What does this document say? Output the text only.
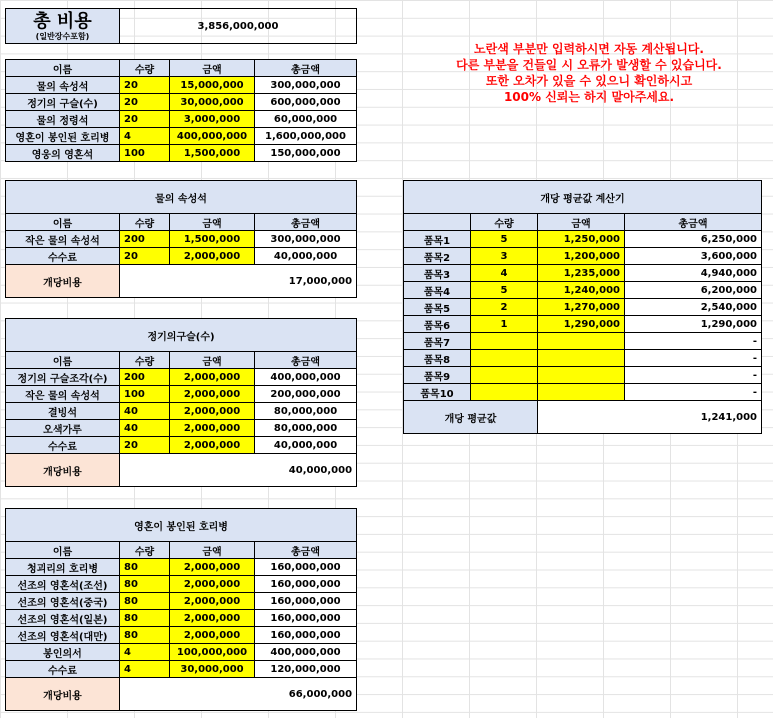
총 비용
(일반장수포함)
	3,856,000,000
노란색 부분만 입력하시면 자동 계산됩니다.
다른 부분을 건들일 시 오류가 발생할 수 있습니다.
또한 오차가 있을 수 있으니 확인하시고
100% 신뢰는 하지 말아주세요.
이름	수량	금액	총금액
물의 속성석	20	15,000,000	300,000,000
정기의 구슬(수)	20	30,000,000	600,000,000
물의 정령석	20	3,000,000	60,000,000
영혼이 봉인된 호리병	4	400,000,000	1,600,000,000
영웅의 영혼석	100	1,500,000	150,000,000
물의 속성석			
이름	수량	금액	총금액
작은 물의 속성석	200	1,500,000	300,000,000
수수료	20	2,000,000	40,000,000
개당비용	17,000,000		
정기의구슬(수)			
이름	수량	금액	총금액
정기의 구슬조각(수)	200	2,000,000	400,000,000
작은 물의 속성석	100	2,000,000	200,000,000
결빙석	40	2,000,000	80,000,000
오색가루	40	2,000,000	80,000,000
수수료	20	2,000,000	40,000,000
개당비용	40,000,000		
영혼이 봉인된 호리병			
이름	수량	금액	총금액
청괴리의 호리병	80	2,000,000	160,000,000
선조의 영혼석(조선)	80	2,000,000	160,000,000
선조의 영혼석(중국)	80	2,000,000	160,000,000
선조의 영혼석(일본)	80	2,000,000	160,000,000
선조의 영혼석(대만)	80	2,000,000	160,000,000
봉인의서	4	100,000,000	400,000,000
수수료	4	30,000,000	120,000,000
개당비용	66,000,000		
개당 평균값 계산기			
	수량	금액	총금액
품목1	5	1,250,000	6,250,000
품목2	3	1,200,000	3,600,000
품목3	4	1,235,000	4,940,000
품목4	5	1,240,000	6,200,000
품목5	2	1,270,000	2,540,000
품목6	1	1,290,000	1,290,000
품목7			-
품목8			-
품목9			-
품목10			-
개당 평균값		1,241,000	
